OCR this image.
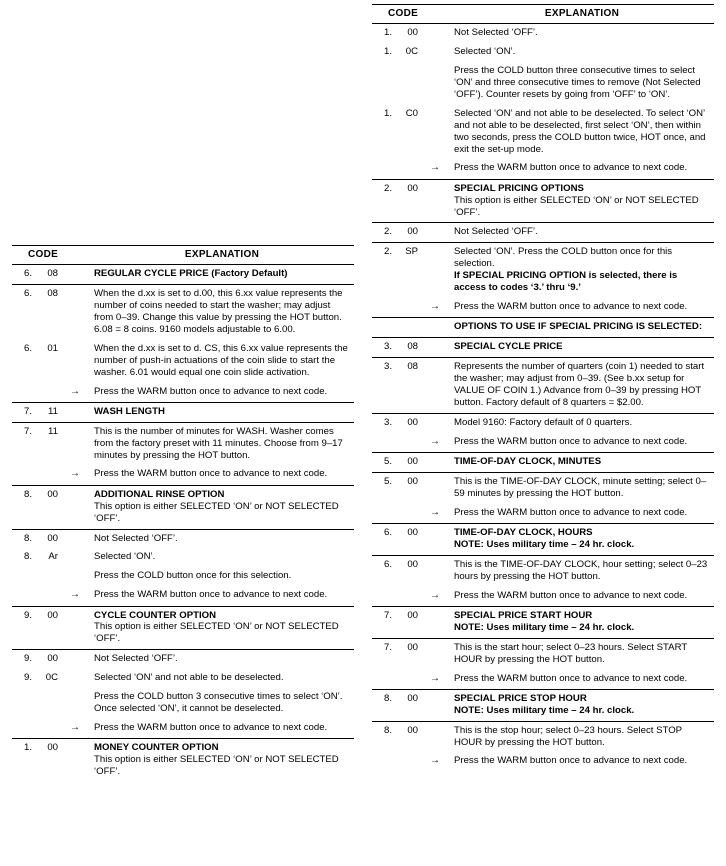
CODE			EXPLANATION
6.	08		REGULAR CYCLE PRICE (Factory Default)
6.	08		When the d.xx is set to d.00, this 6.xx value represents the number of coins needed to start the washer; may adjust from 0–39. Change this value by pressing the HOT button. 6.08 = 8 coins. 9160 models adjustable to 6.00.
6.	01		When the d.xx is set to d. CS, this 6.xx value represents the number of push-in actuations of the coin slide to start the washer. 6.01 would equal one coin slide activation.
		→	Press the WARM button once to advance to next code.
7.	11		WASH LENGTH
7.	11		This is the number of minutes for WASH. Washer comes from the factory preset with 11 minutes. Choose from 9–17 minutes by pressing the HOT button.
		→	Press the WARM button once to advance to next code.
8.	00		ADDITIONAL RINSE OPTION
This option is either SELECTED ‘ON’ or NOT SELECTED ‘OFF’.

8.	00		Not Selected ‘OFF’.
8.	Ar		Selected ‘ON’.
			Press the COLD button once for this selection.
		→	Press the WARM button once to advance to next code.
9.	00		CYCLE COUNTER OPTION
This option is either SELECTED ‘ON’ or NOT SELECTED ‘OFF’.

9.	00		Not Selected ‘OFF’.
9.	0C		Selected ‘ON’ and not able to be deselected.
			Press the COLD button 3 consecutive times to select ‘ON’. Once selected ‘ON’, it cannot be deselected.
		→	Press the WARM button once to advance to next code.
1.	00		MONEY COUNTER OPTION
This option is either SELECTED ‘ON’ or NOT SELECTED ‘OFF’.
CODE			EXPLANATION
1.	00		Not Selected ‘OFF’.
1.	0C		Selected ‘ON’.
			Press the COLD button three consecutive times to select ‘ON’ and three consecutive times to remove (Not Selected ‘OFF’). Counter resets by going from ‘OFF’ to ‘ON’.
1.	C0		Selected ‘ON’ and not able to be deselected. To select ‘ON’ and not able to be deselected, first select ‘ON’, then within two seconds, press the COLD button twice, HOT once, and exit the set-up mode.
		→	Press the WARM button once to advance to next code.
2.	00		SPECIAL PRICING OPTIONS
This option is either SELECTED ‘ON’ or NOT SELECTED ‘OFF’.

2.	00		Not Selected ‘OFF’.
2.	SP		Selected ‘ON’. Press the COLD button once for this selection.
If SPECIAL PRICING OPTION is selected, there is access to codes ‘3.’ thru ‘9.’

		→	Press the WARM button once to advance to next code.
			OPTIONS TO USE IF SPECIAL PRICING IS SELECTED:
3.	08		SPECIAL CYCLE PRICE
3.	08		Represents the number of quarters (coin 1) needed to start the washer; may adjust from 0–39. (See b.xx setup for VALUE OF COIN 1.) Advance from 0–39 by pressing HOT button. Factory default of 8 quarters = $2.00.
3.	00		Model 9160: Factory default of 0 quarters.
		→	Press the WARM button once to advance to next code.
5.	00		TIME-OF-DAY CLOCK, MINUTES
5.	00		This is the TIME-OF-DAY CLOCK, minute setting; select 0–59 minutes by pressing the HOT button.
		→	Press the WARM button once to advance to next code.
6.	00		TIME-OF-DAY CLOCK, HOURS
NOTE: Uses military time – 24 hr. clock.

6.	00		This is the TIME-OF-DAY CLOCK, hour setting; select 0–23 hours by pressing the HOT button.
		→	Press the WARM button once to advance to next code.
7.	00		SPECIAL PRICE START HOUR
NOTE: Uses military time – 24 hr. clock.

7.	00		This is the start hour; select 0–23 hours. Select START HOUR by pressing the HOT button.
		→	Press the WARM button once to advance to next code.
8.	00		SPECIAL PRICE STOP HOUR
NOTE: Uses military time – 24 hr. clock.

8.	00		This is the stop hour; select 0–23 hours. Select STOP HOUR by pressing the HOT button.
		→	Press the WARM button once to advance to next code.
